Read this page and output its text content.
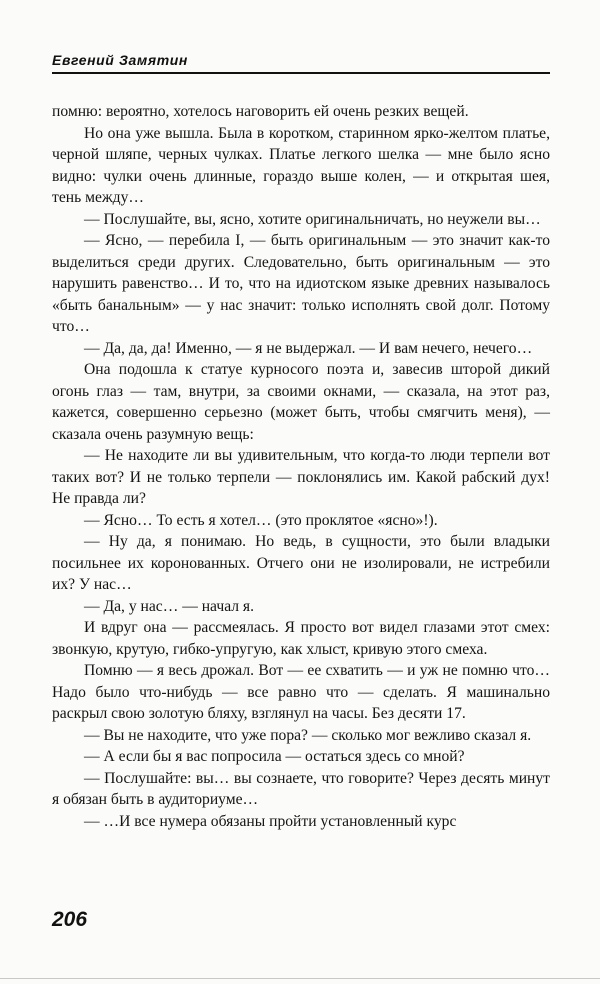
Евгений Замятин

помню: вероятно, хотелось наговорить ей очень резких вещей.

Но она уже вышла. Была в коротком, старинном ярко-желтом платье, черной шляпе, черных чулках. Платье легкого шелка — мне было ясно видно: чулки очень длинные, гораздо выше колен, — и открытая шея, тень между…

— Послушайте, вы, ясно, хотите оригинальничать, но неужели вы…

— Ясно, — перебила I, — быть оригинальным — это значит как-то выделиться среди других. Следовательно, быть оригинальным — это нарушить равенство… И то, что на идиотском языке древних называлось «быть банальным» — у нас значит: только исполнять свой долг. Потому что…

— Да, да, да! Именно, — я не выдержал. — И вам нечего, нечего…

Она подошла к статуе курносого поэта и, завесив шторой дикий огонь глаз — там, внутри, за своими окнами, — сказала, на этот раз, кажется, совершенно серьезно (может быть, чтобы смягчить меня), — сказала очень разумную вещь:

— Не находите ли вы удивительным, что когда-то люди терпели вот таких вот? И не только терпели — поклонялись им. Какой рабский дух! Не правда ли?

— Ясно… То есть я хотел… (это проклятое «ясно»!).

— Ну да, я понимаю. Но ведь, в сущности, это были владыки посильнее их коронованных. Отчего они не изолировали, не истребили их? У нас…

— Да, у нас… — начал я.

И вдруг она — рассмеялась. Я просто вот видел глазами этот смех: звонкую, крутую, гибко-упругую, как хлыст, кривую этого смеха.

Помню — я весь дрожал. Вот — ее схватить — и уж не помню что… Надо было что-нибудь — все равно что — сделать. Я машинально раскрыл свою золотую бляху, взглянул на часы. Без десяти 17.

— Вы не находите, что уже пора? — сколько мог вежливо сказал я.

— А если бы я вас попросила — остаться здесь со мной?

— Послушайте: вы… вы сознаете, что говорите? Через десять минут я обязан быть в аудиториуме…

— …И все нумера обязаны пройти установленный курс

206
